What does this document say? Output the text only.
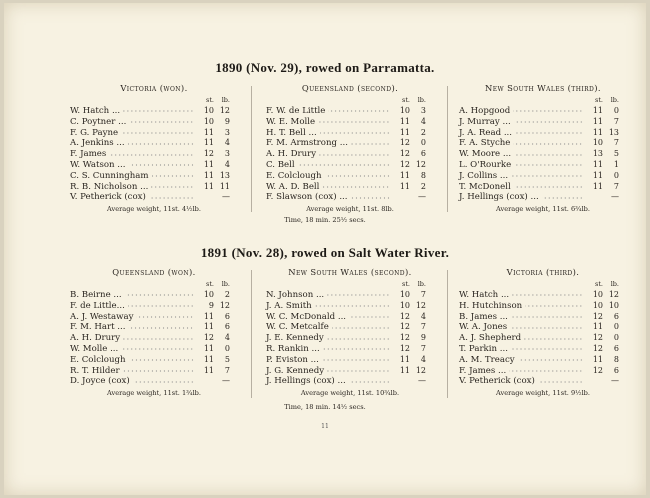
1890 (Nov. 29), rowed on Parramatta.
Victoria (won).
st.	lb.
W. Hatch ...	10 12
C. Poytner ...	10	9
F. G. Payne	11	3
A. Jenkins ...	11	4
F. James	12	3
W. Watson ...	11	4
C. S. Cunningham	11 13
R. B. Nicholson ...	11 11
V. Petherick (cox)	—
Average weight, 11st. 4½lb.
Queensland (second).
st.	lb.
F. W. de Little	10	3
W. E. Molle	11	4
H. T. Bell ...	11	2
F. M. Armstrong ...	12	0
A. H. Drury	12	6
C. Bell	12 12
E. Colclough	11	8
W. A. D. Bell	11	2
F. Slawson (cox) ...	—
Average weight, 11st. 8lb.
New South Wales (third).
st.	lb.
A. Hopgood	11	0
J. Murray ...	11	7
J. A. Read ...	11 13
F. A. Styche	10	7
W. Moore ...	13	5
L. O'Rourke	11	1
J. Collins ...	11	0
T. McDonell	11	7
J. Hellings (cox) ...	—
Average weight, 11st. 6¾lb.
Time, 18 min. 25½ secs.
1891 (Nov. 28), rowed on Salt Water River.
Queensland (won).
st.	lb.
B. Beirne ...	10	2
F. de Little...	9 12
A. J. Westaway	11	6
F. M. Hart ...	11	6
A. H. Drury	12	4
W. Molle ...	11	0
E. Colclough	11	5
R. T. Hilder	11	7
D. Joyce (cox)	—
Average weight, 11st. 1¾lb.
New South Wales (second).
st.	lb.
N. Johnson ...	10	7
J. A. Smith	10 12
W. C. McDonald ...	12	4
W. C. Metcalfe	12	7
J. E. Kennedy	12	9
R. Rankin ...	12	7
P. Eviston ...	11	4
J. G. Kennedy	11 12
J. Hellings (cox) ...	—
Average weight, 11st. 10¾lb.
Victoria (third).
st.	lb.
W. Hatch ...	10 12
H. Hutchinson	10 10
B. James ...	12	6
W. A. Jones	11	0
A. J. Shepherd	12	0
T. Parkin ...	12	6
A. M. Treacy	11	8
F. James ...	12	6
V. Petherick (cox)	—
Average weight, 11st. 9½lb.
Time, 18 min. 14½ secs.
11
